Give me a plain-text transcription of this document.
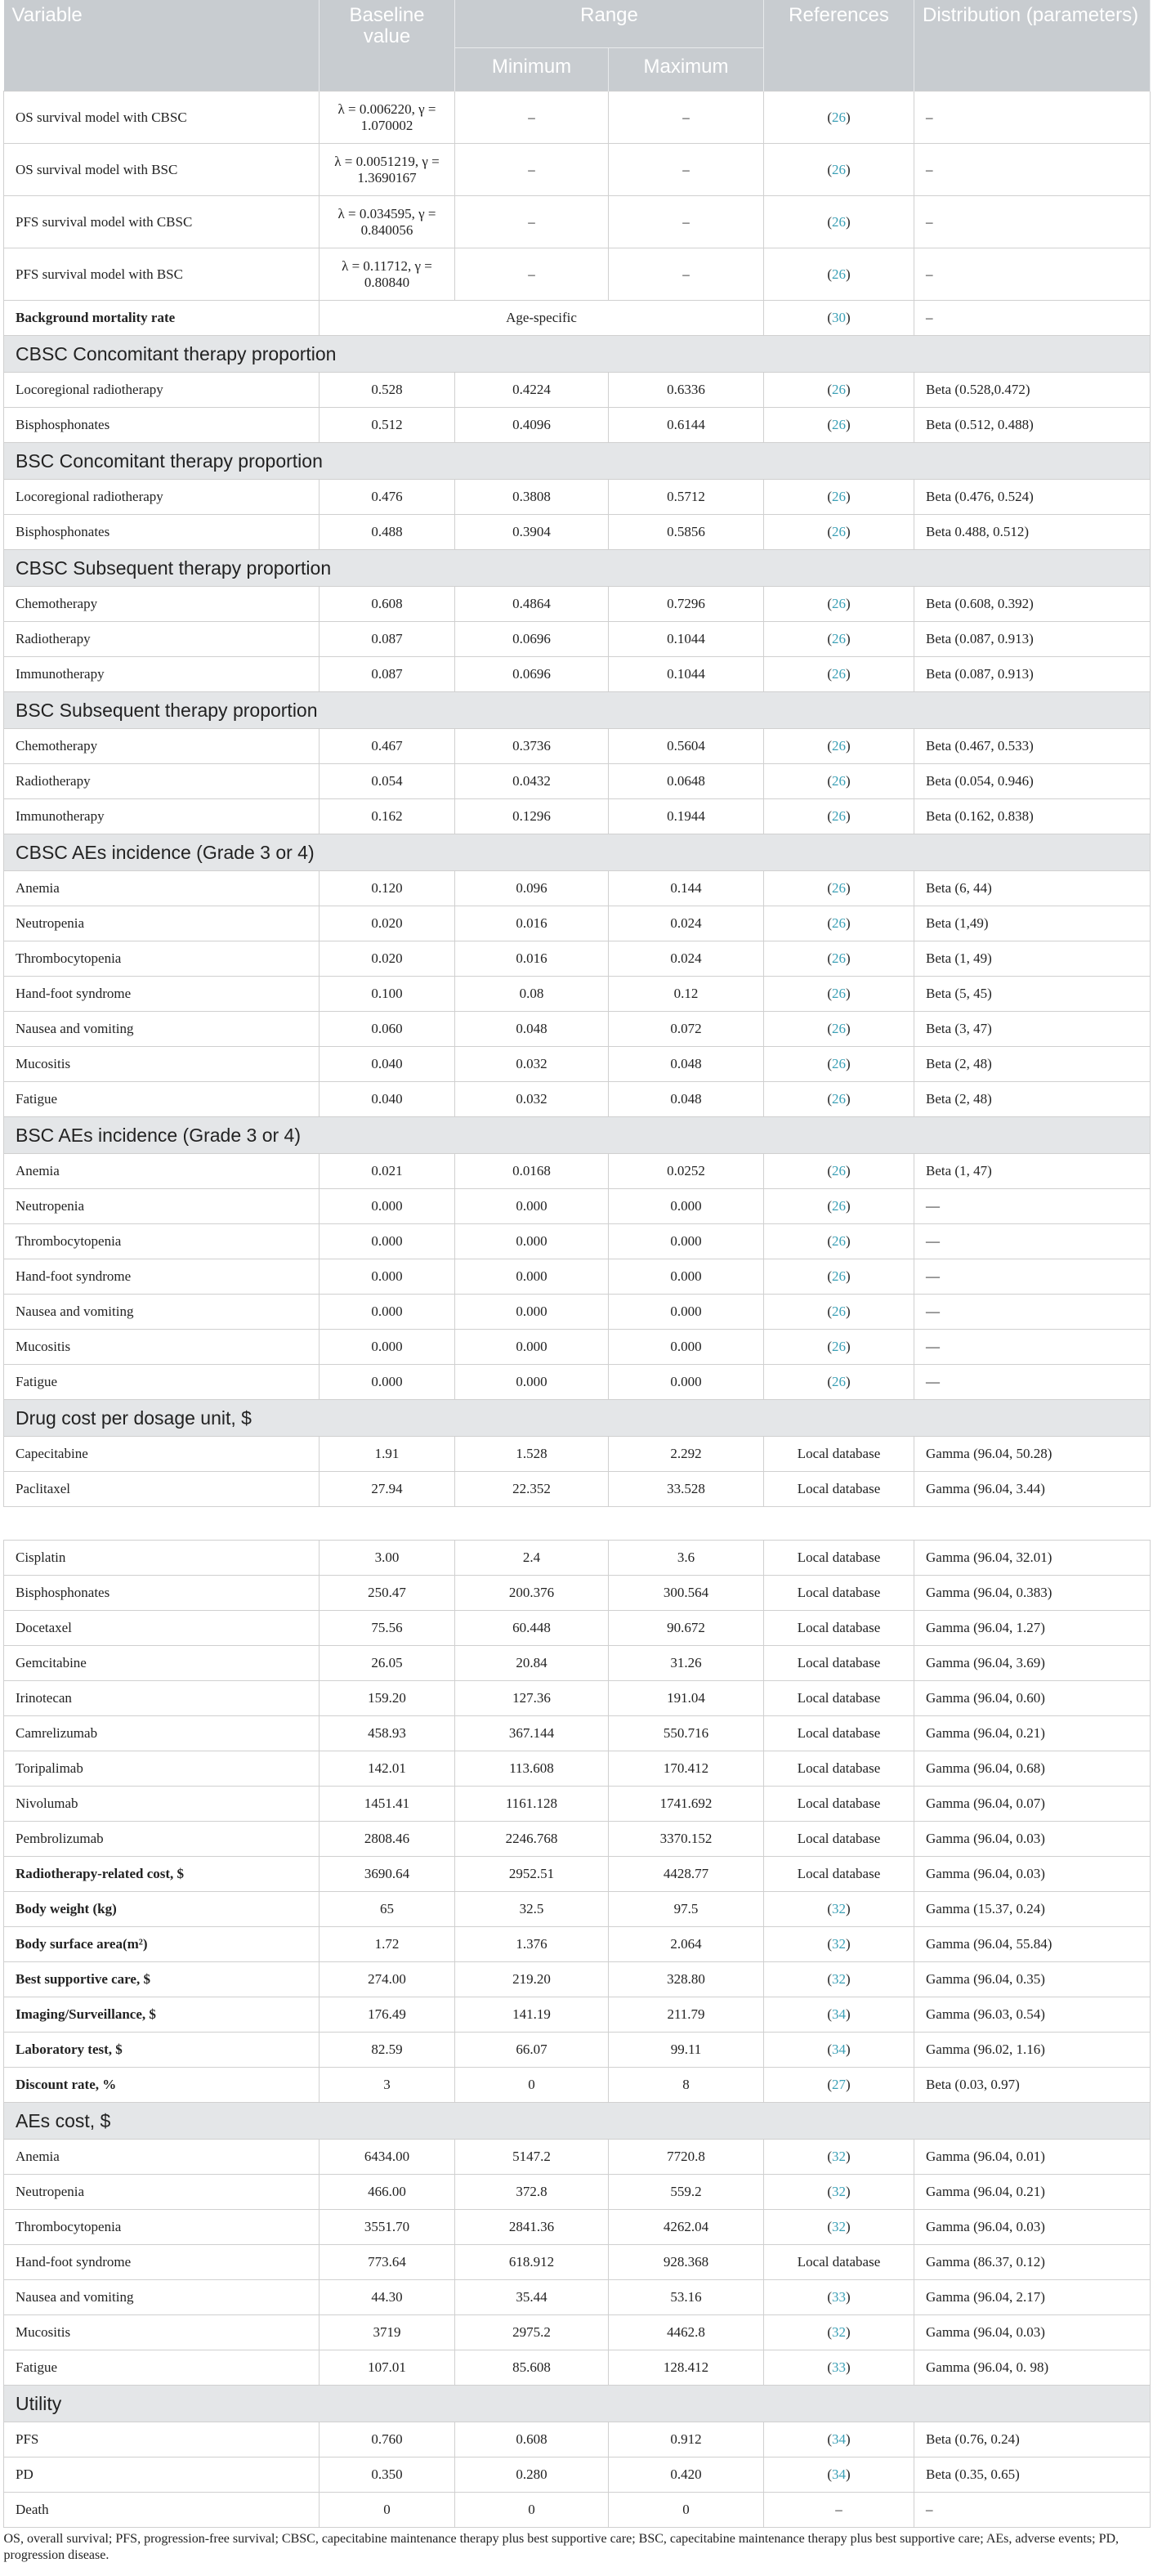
Variable	Baseline value	Range		References	Distribution (parameters)
		Minimum	Maximum		
OS survival model with CBSC	λ = 0.006220, γ = 1.070002	–	–	(26)	–
OS survival model with BSC	λ = 0.0051219, γ = 1.3690167	–	–	(26)	–
PFS survival model with CBSC	λ = 0.034595, γ = 0.840056	–	–	(26)	–
PFS survival model with BSC	λ = 0.11712, γ = 0.80840	–	–	(26)	–
Background mortality rate	Age-specific			(30)	–
CBSC Concomitant therapy proportion					
Locoregional radiotherapy	0.528	0.4224	0.6336	(26)	Beta (0.528,0.472)
Bisphosphonates	0.512	0.4096	0.6144	(26)	Beta (0.512, 0.488)
BSC Concomitant therapy proportion					
Locoregional radiotherapy	0.476	0.3808	0.5712	(26)	Beta (0.476, 0.524)
Bisphosphonates	0.488	0.3904	0.5856	(26)	Beta 0.488, 0.512)
CBSC Subsequent therapy proportion					
Chemotherapy	0.608	0.4864	0.7296	(26)	Beta (0.608, 0.392)
Radiotherapy	0.087	0.0696	0.1044	(26)	Beta (0.087, 0.913)
Immunotherapy	0.087	0.0696	0.1044	(26)	Beta (0.087, 0.913)
BSC Subsequent therapy proportion					
Chemotherapy	0.467	0.3736	0.5604	(26)	Beta (0.467, 0.533)
Radiotherapy	0.054	0.0432	0.0648	(26)	Beta (0.054, 0.946)
Immunotherapy	0.162	0.1296	0.1944	(26)	Beta (0.162, 0.838)
CBSC AEs incidence (Grade 3 or 4)					
Anemia	0.120	0.096	0.144	(26)	Beta (6, 44)
Neutropenia	0.020	0.016	0.024	(26)	Beta (1,49)
Thrombocytopenia	0.020	0.016	0.024	(26)	Beta (1, 49)
Hand-foot syndrome	0.100	0.08	0.12	(26)	Beta (5, 45)
Nausea and vomiting	0.060	0.048	0.072	(26)	Beta (3, 47)
Mucositis	0.040	0.032	0.048	(26)	Beta (2, 48)
Fatigue	0.040	0.032	0.048	(26)	Beta (2, 48)
BSC AEs incidence (Grade 3 or 4)					
Anemia	0.021	0.0168	0.0252	(26)	Beta (1, 47)
Neutropenia	0.000	0.000	0.000	(26)	—
Thrombocytopenia	0.000	0.000	0.000	(26)	—
Hand-foot syndrome	0.000	0.000	0.000	(26)	—
Nausea and vomiting	0.000	0.000	0.000	(26)	—
Mucositis	0.000	0.000	0.000	(26)	—
Fatigue	0.000	0.000	0.000	(26)	—
Drug cost per dosage unit, $					
Capecitabine	1.91	1.528	2.292	Local database	Gamma (96.04, 50.28)
Paclitaxel	27.94	22.352	33.528	Local database	Gamma (96.04, 3.44)

Cisplatin	3.00	2.4	3.6	Local database	Gamma (96.04, 32.01)
Bisphosphonates	250.47	200.376	300.564	Local database	Gamma (96.04, 0.383)
Docetaxel	75.56	60.448	90.672	Local database	Gamma (96.04, 1.27)
Gemcitabine	26.05	20.84	31.26	Local database	Gamma (96.04, 3.69)
Irinotecan	159.20	127.36	191.04	Local database	Gamma (96.04, 0.60)
Camrelizumab	458.93	367.144	550.716	Local database	Gamma (96.04, 0.21)
Toripalimab	142.01	113.608	170.412	Local database	Gamma (96.04, 0.68)
Nivolumab	1451.41	1161.128	1741.692	Local database	Gamma (96.04, 0.07)
Pembrolizumab	2808.46	2246.768	3370.152	Local database	Gamma (96.04, 0.03)
Radiotherapy-related cost, $	3690.64	2952.51	4428.77	Local database	Gamma (96.04, 0.03)
Body weight (kg)	65	32.5	97.5	(32)	Gamma (15.37, 0.24)
Body surface area(m²)	1.72	1.376	2.064	(32)	Gamma (96.04, 55.84)
Best supportive care, $	274.00	219.20	328.80	(32)	Gamma (96.04, 0.35)
Imaging/Surveillance, $	176.49	141.19	211.79	(34)	Gamma (96.03, 0.54)
Laboratory test, $	82.59	66.07	99.11	(34)	Gamma (96.02, 1.16)
Discount rate, %	3	0	8	(27)	Beta (0.03, 0.97)
AEs cost, $					
Anemia	6434.00	5147.2	7720.8	(32)	Gamma (96.04, 0.01)
Neutropenia	466.00	372.8	559.2	(32)	Gamma (96.04, 0.21)
Thrombocytopenia	3551.70	2841.36	4262.04	(32)	Gamma (96.04, 0.03)
Hand-foot syndrome	773.64	618.912	928.368	Local database	Gamma (86.37, 0.12)
Nausea and vomiting	44.30	35.44	53.16	(33)	Gamma (96.04, 2.17)
Mucositis	3719	2975.2	4462.8	(32)	Gamma (96.04, 0.03)
Fatigue	107.01	85.608	128.412	(33)	Gamma (96.04, 0. 98)
Utility					
PFS	0.760	0.608	0.912	(34)	Beta (0.76, 0.24)
PD	0.350	0.280	0.420	(34)	Beta (0.35, 0.65)
Death	0	0	0	–	–
OS, overall survival; PFS, progression-free survival; CBSC, capecitabine maintenance therapy plus best supportive care; BSC, capecitabine maintenance therapy plus best supportive care; AEs, adverse events; PD, progression disease.					
